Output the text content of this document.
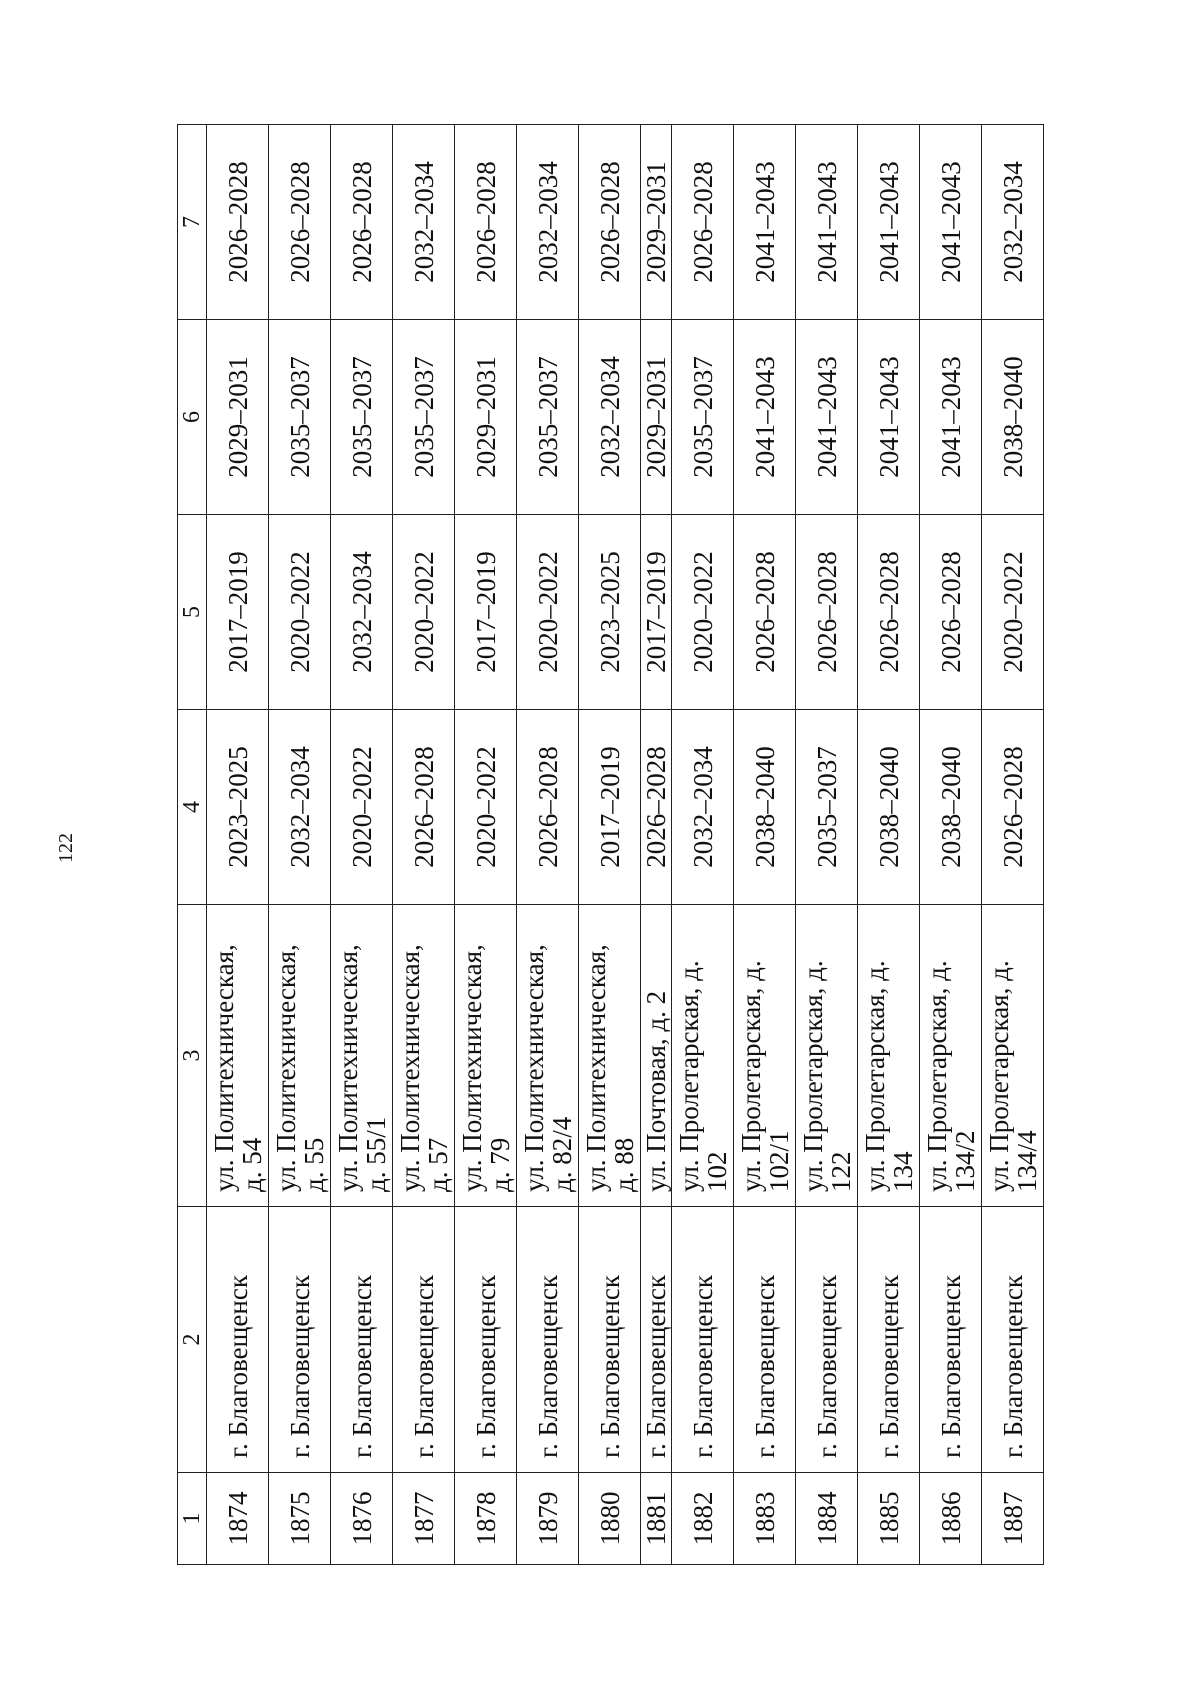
122
1	2	3	4	5	6	7
1874	г. Благовещенск	ул. Политехническая, д. 54	2023–2025	2017–2019	2029–2031	2026–2028
1875	г. Благовещенск	ул. Политехническая, д. 55	2032–2034	2020–2022	2035–2037	2026–2028
1876	г. Благовещенск	ул. Политехническая, д. 55/1	2020–2022	2032–2034	2035–2037	2026–2028
1877	г. Благовещенск	ул. Политехническая, д. 57	2026–2028	2020–2022	2035–2037	2032–2034
1878	г. Благовещенск	ул. Политехническая, д. 79	2020–2022	2017–2019	2029–2031	2026–2028
1879	г. Благовещенск	ул. Политехническая, д. 82/4	2026–2028	2020–2022	2035–2037	2032–2034
1880	г. Благовещенск	ул. Политехническая, д. 88	2017–2019	2023–2025	2032–2034	2026–2028
1881	г. Благовещенск	ул. Почтовая, д. 2	2026–2028	2017–2019	2029–2031	2029–2031
1882	г. Благовещенск	ул. Пролетарская, д. 102	2032–2034	2020–2022	2035–2037	2026–2028
1883	г. Благовещенск	ул. Пролетарская, д. 102/1	2038–2040	2026–2028	2041–2043	2041–2043
1884	г. Благовещенск	ул. Пролетарская, д. 122	2035–2037	2026–2028	2041–2043	2041–2043
1885	г. Благовещенск	ул. Пролетарская, д. 134	2038–2040	2026–2028	2041–2043	2041–2043
1886	г. Благовещенск	ул. Пролетарская, д. 134/2	2038–2040	2026–2028	2041–2043	2041–2043
1887	г. Благовещенск	ул. Пролетарская, д. 134/4	2026–2028	2020–2022	2038–2040	2032–2034
